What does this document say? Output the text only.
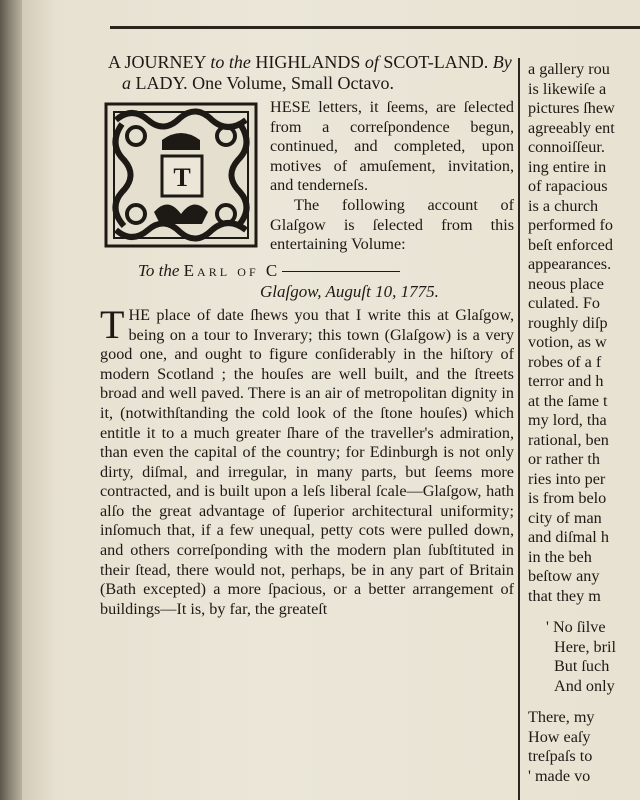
A JOURNEY to the HIGHLANDS of SCOT-LAND. By a LADY. One Volume, Small Octavo.

T

HESE letters, it ſeems, are ſelected from a correſpondence begun, continued, and completed, upon motives of amuſement, invitation, and tenderneſs.
The following account of Glaſgow is ſelected from this entertaining Volume:

To the Earl of C
Glaſgow, Auguſt 10, 1775.

T HE place of date ſhews you that I write this at Glaſgow, being on a tour to Inverary; this town (Glaſgow) is a very good one, and ought to figure conſiderably in the hiſtory of modern Scotland ; the houſes are well built, and the ſtreets broad and well paved. There is an air of metropolitan dignity in it, (notwithſtanding the cold look of the ſtone houſes) which entitle it to a much greater ſhare of the traveller's admiration, than even the capital of the country; for Edinburgh is not only dirty, diſmal, and irregular, in many parts, but ſeems more contracted, and is built upon a leſs liberal ſcale—Glaſgow, hath alſo the great advantage of ſuperior architectural uniformity; inſomuch that, if a few unequal, petty cots were pulled down, and others correſponding with the modern plan ſubſtituted in their ſtead, there would not, perhaps, be in any part of Britain (Bath excepted) a more ſpacious, or a better arrangement of buildings—It is, by far, the greateſt

a gallery rou
is likewiſe a
pictures ſhew
agreeably ent
connoiſſeur.
ing entire in
of rapacious
is a church
performed fo
beſt enforced
appearances.
neous place
culated. Fo
roughly diſp
votion, as w
robes of a f
terror and h
at the ſame t
my lord, tha
rational, ben
or rather th
ries into per
is from belo
city of man
and diſmal h
in the beh
beſtow any
that they m
' No ſilve
Here, bril
But ſuch
And only
There, my
How eaſy
treſpaſs to
' made vo
